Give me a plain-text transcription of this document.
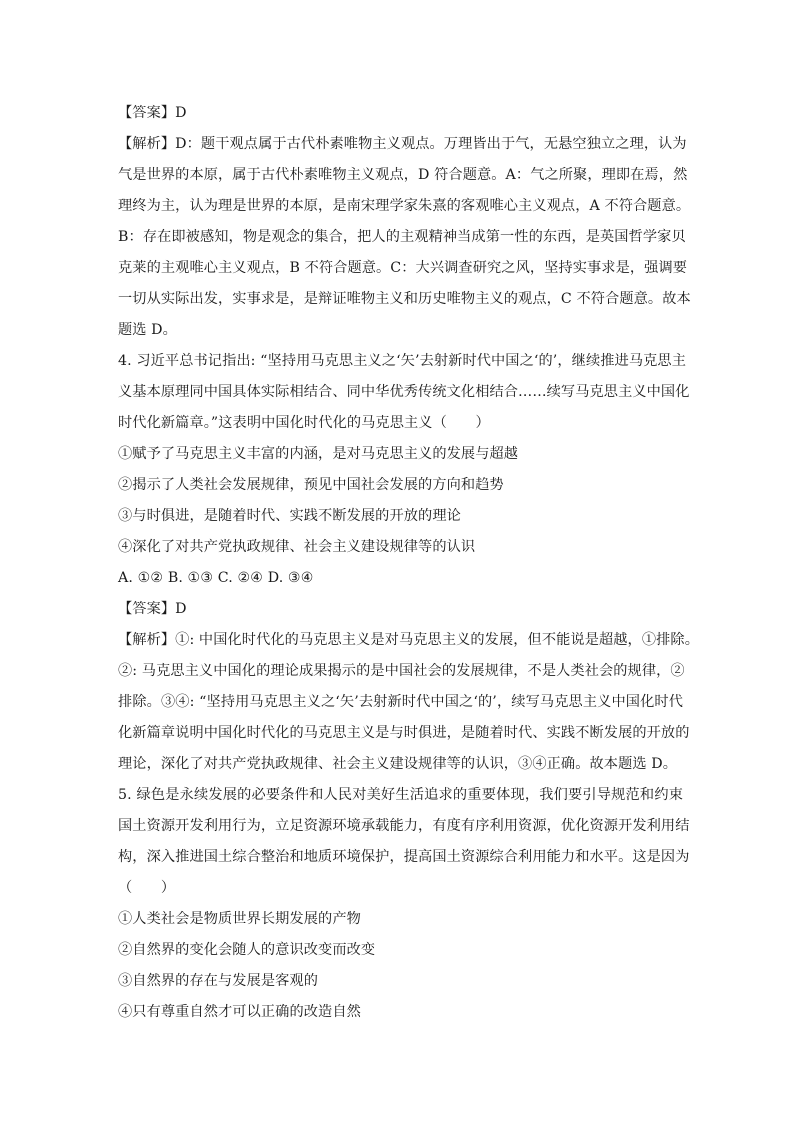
【答案】D
【解析】D：题干观点属于古代朴素唯物主义观点。万理皆出于气，无悬空独立之理，认为
气是世界的本原，属于古代朴素唯物主义观点，D 符合题意。A：气之所聚，理即在焉，然
理终为主，认为理是世界的本原，是南宋理学家朱熹的客观唯心主义观点，A 不符合题意。
B：存在即被感知，物是观念的集合，把人的主观精神当成第一性的东西，是英国哲学家贝
克莱的主观唯心主义观点，B 不符合题意。C：大兴调查研究之风，坚持实事求是，强调要
一切从实际出发，实事求是，是辩证唯物主义和历史唯物主义的观点，C 不符合题意。故本
题选 D。
4. 习近平总书记指出: “坚持用马克思主义之‘矢’去射新时代中国之‘的’，继续推进马克思主
义基本原理同中国具体实际相结合、同中华优秀传统文化相结合……续写马克思主义中国化
时代化新篇章。”这表明中国化时代化的马克思主义（　　）
①赋予了马克思主义丰富的内涵，是对马克思主义的发展与超越
②揭示了人类社会发展规律，预见中国社会发展的方向和趋势
③与时俱进，是随着时代、实践不断发展的开放的理论
④深化了对共产党执政规律、社会主义建设规律等的认识
A. ①② B. ①③ C. ②④ D. ③④
【答案】D
【解析】①: 中国化时代化的马克思主义是对马克思主义的发展，但不能说是超越，①排除。
②: 马克思主义中国化的理论成果揭示的是中国社会的发展规律，不是人类社会的规律，②
排除。③④: “坚持用马克思主义之‘矢’去射新时代中国之‘的’，续写马克思主义中国化时代
化新篇章说明中国化时代化的马克思主义是与时俱进，是随着时代、实践不断发展的开放的
理论，深化了对共产党执政规律、社会主义建设规律等的认识，③④正确。故本题选 D。
5. 绿色是永续发展的必要条件和人民对美好生活追求的重要体现，我们要引导规范和约束
国土资源开发利用行为，立足资源环境承载能力，有度有序利用资源，优化资源开发利用结
构，深入推进国土综合整治和地质环境保护，提高国土资源综合利用能力和水平。这是因为
（　　）
①人类社会是物质世界长期发展的产物
②自然界的变化会随人的意识改变而改变
③自然界的存在与发展是客观的
④只有尊重自然才可以正确的改造自然
